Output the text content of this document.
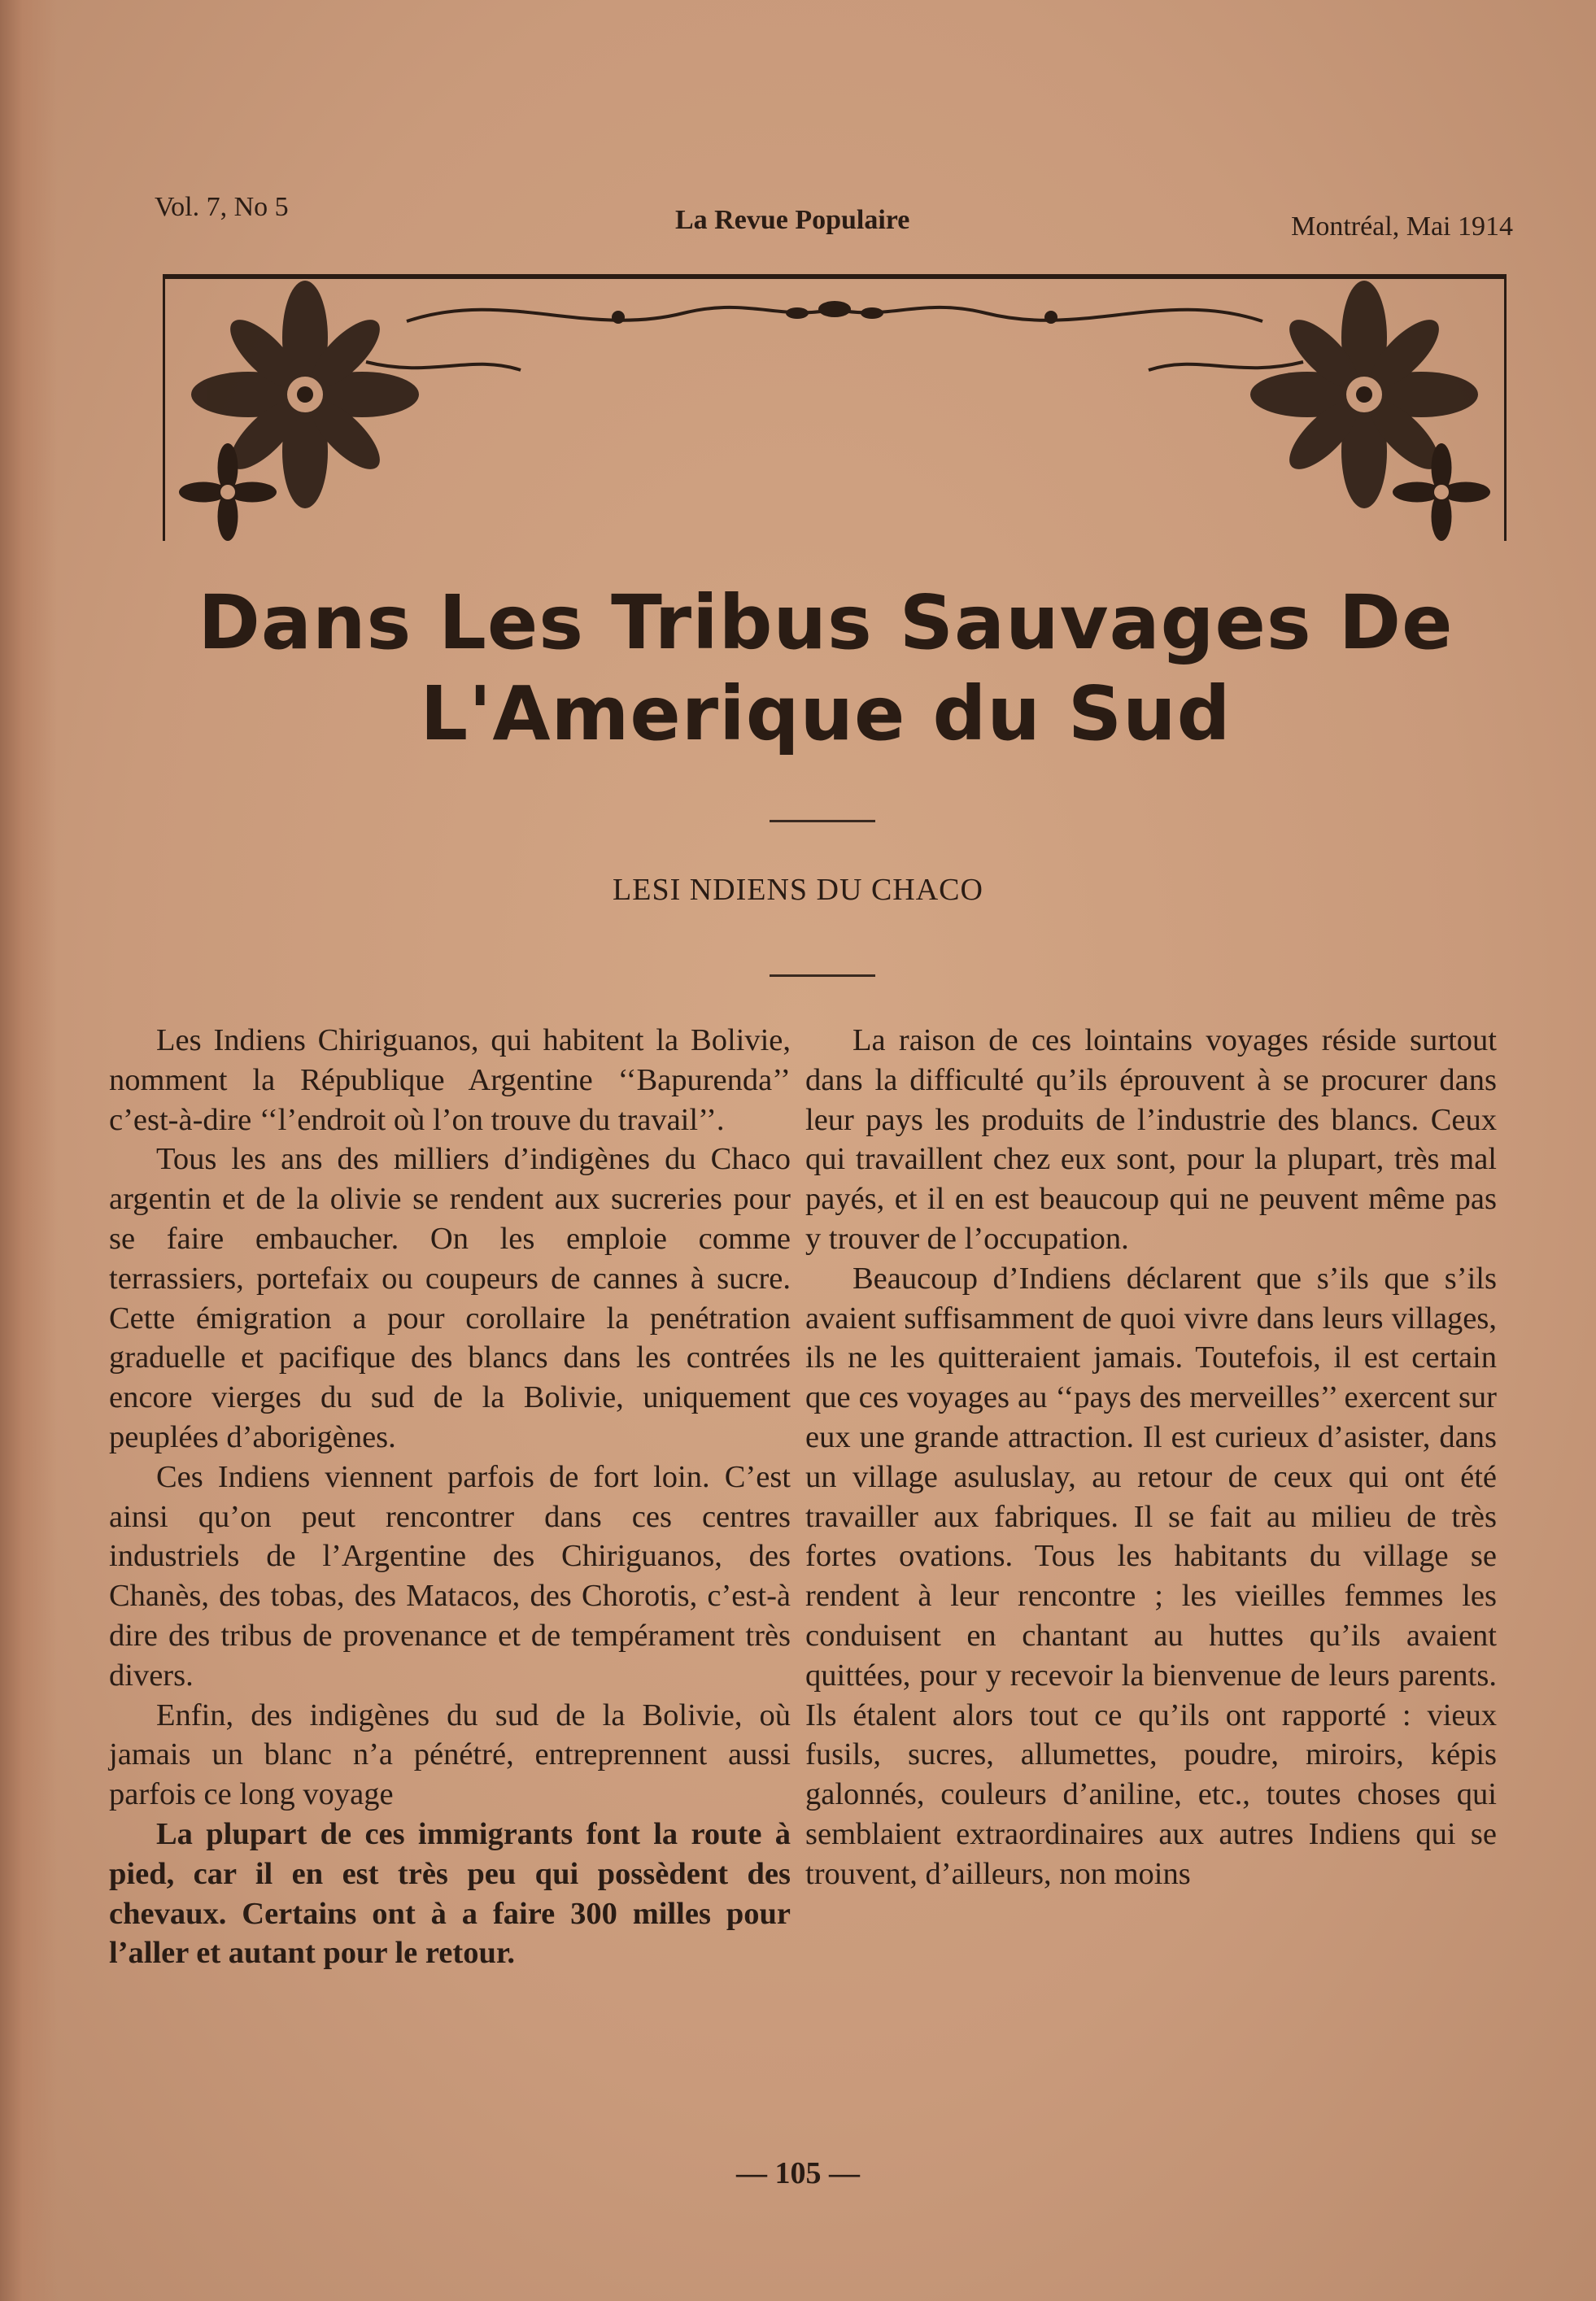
Vol. 7, No 5	La Revue Populaire	Montréal, Mai 1914
Dans Les Tribus Sauvages De
L'Amerique du Sud
LESI NDIENS DU CHACO

Les Indiens Chiriguanos, qui habitent la Bolivie, nomment la République Argentine ‘‘Bapurenda’’ c’est-à-dire ‘‘l’endroit où l’on trouve du travail’’.

Tous les ans des milliers d’indigènes du Chaco argentin et de la olivie se rendent aux sucreries pour se faire embaucher. On les emploie comme terrassiers, portefaix ou coupeurs de cannes à sucre. Cette émigration a pour corollaire la penétration graduelle et pacifique des blancs dans les contrées encore vierges du sud de la Bolivie, uniquement peuplées d’aborigènes.

Ces Indiens viennent parfois de fort loin. C’est ainsi qu’on peut rencontrer dans ces centres industriels de l’Argentine des Chiriguanos, des Chanès, des tobas, des Matacos, des Chorotis, c’est-à dire des tribus de provenance et de tempérament très divers.

Enfin, des indigènes du sud de la Bolivie, où jamais un blanc n’a pénétré, entreprennent aussi parfois ce long voyage

La plupart de ces immigrants font la route à pied, car il en est très peu qui possèdent des chevaux. Certains ont à a faire 300 milles pour l’aller et autant pour le retour.

La raison de ces lointains voyages réside surtout dans la difficulté qu’ils éprouvent à se procurer dans leur pays les produits de l’industrie des blancs. Ceux qui travaillent chez eux sont, pour la plupart, très mal payés, et il en est beaucoup qui ne peuvent même pas y trouver de l’occupation.

Beaucoup d’Indiens déclarent que s’ils que s’ils avaient suffisamment de quoi vivre dans leurs villages, ils ne les quitteraient jamais. Toutefois, il est certain que ces voyages au ‘‘pays des merveilles’’ exercent sur eux une grande attraction. Il est curieux d’asister, dans un village asuluslay, au retour de ceux qui ont été travailler aux fabriques. Il se fait au milieu de très fortes ovations. Tous les habitants du village se rendent à leur rencontre ; les vieilles femmes les conduisent en chantant au huttes qu’ils avaient quittées, pour y recevoir la bienvenue de leurs parents. Ils étalent alors tout ce qu’ils ont rapporté : vieux fusils, sucres, allumettes, poudre, miroirs, képis galonnés, couleurs d’aniline, etc., toutes choses qui semblaient extraordinaires aux autres Indiens qui se trouvent, d’ailleurs, non moins

— 105 —
